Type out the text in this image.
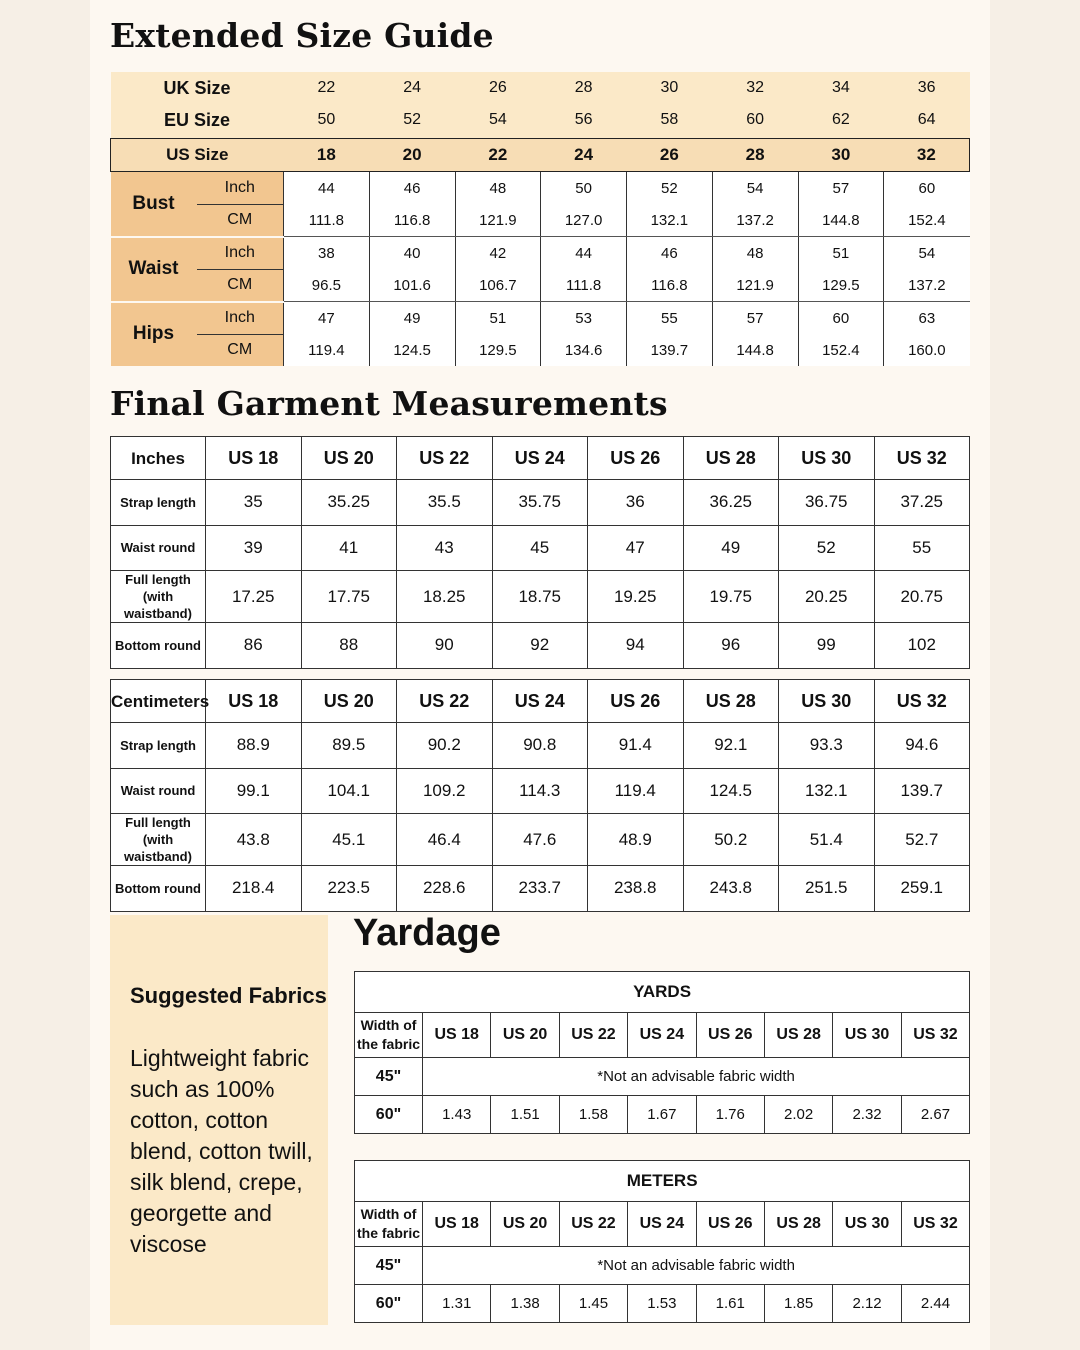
Extended Size Guide
UK Size		22	24	26	28	30	32	34	36
EU Size		50	52	54	56	58	60	62	64

US Size		18	20	22	24	26	28	30	32
Bust	Inch	44	46	48	50	52	54	57	60
	CM	111.8	116.8	121.9	127.0	132.1	137.2	144.8	152.4
Waist	Inch	38	40	42	44	46	48	51	54
	CM	96.5	101.6	106.7	111.8	116.8	121.9	129.5	137.2
Hips	Inch	47	49	51	53	55	57	60	63
	CM	119.4	124.5	129.5	134.6	139.7	144.8	152.4	160.0
Final Garment Measurements
Inches	US 18	US 20	US 22	US 24	US 26	US 28	US 30	US 32
Strap length	35	35.25	35.5	35.75	36	36.25	36.75	37.25
Waist round	39	41	43	45	47	49	52	55
Full length (with waistband)	17.25	17.75	18.25	18.75	19.25	19.75	20.25	20.75
Bottom round	86	88	90	92	94	96	99	102
Centimeters	US 18	US 20	US 22	US 24	US 26	US 28	US 30	US 32
Strap length	88.9	89.5	90.2	90.8	91.4	92.1	93.3	94.6
Waist round	99.1	104.1	109.2	114.3	119.4	124.5	132.1	139.7
Full length (with waistband)	43.8	45.1	46.4	47.6	48.9	50.2	51.4	52.7
Bottom round	218.4	223.5	228.6	233.7	238.8	243.8	251.5	259.1
Suggested Fabrics
Lightweight fabric such as 100% cotton, cotton blend, cotton twill, silk blend, crepe, georgette and viscose
Yardage
YARDS								
Width of the fabric	US 18	US 20	US 22	US 24	US 26	US 28	US 30	US 32
45"	*Not an advisable fabric width							
60"	1.43	1.51	1.58	1.67	1.76	2.02	2.32	2.67
METERS								
Width of the fabric	US 18	US 20	US 22	US 24	US 26	US 28	US 30	US 32
45"	*Not an advisable fabric width							
60"	1.31	1.38	1.45	1.53	1.61	1.85	2.12	2.44
